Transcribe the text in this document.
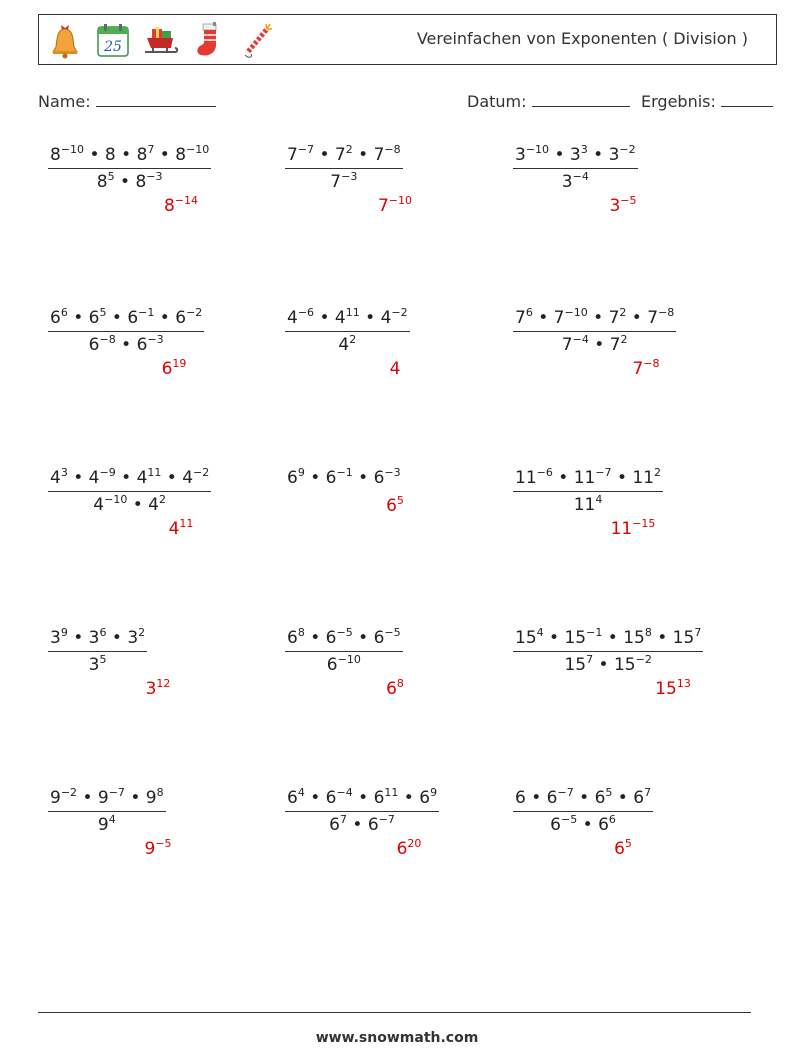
25	Vereinfachen von Exponenten ( Division )
Name:	Datum:	Ergebnis:
$\frac{8^{-10} • 8 • 8^7 • 8^{-10}}{8^5 • 8^{-3}}$
$8^{-14}$
$\frac{7^{-7} • 7^2 • 7^{-8}}{7^{-3}}$
$7^{-10}$
$\frac{3^{-10} • 3^3 • 3^{-2}}{3^{-4}}$
$3^{-5}$
$\frac{6^6 • 6^5 • 6^{-1} • 6^{-2}}{6^{-8} • 6^{-3}}$
$6^{19}$
$\frac{4^{-6} • 4^{11} • 4^{-2}}{4^2}$
4
$\frac{7^6 • 7^{-10} • 7^2 • 7^{-8}}{7^{-4} • 7^2}$
$7^{-8}$
$\frac{4^3 • 4^{-9} • 4^{11} • 4^{-2}}{4^{-10} • 4^2}$
$4^{11}$
$6^9$ • $6^{-1}$ • $6^{-3}$
$6^5$	$\frac{11^{-6} • 11^{-7} • 11^2}{11^4}$
$11^{-15}$
$\frac{3^9 • 3^6 • 3^2}{3^5}$
$3^{12}$
$\frac{6^8 • 6^{-5} • 6^{-5}}{6^{-10}}$
$6^8$
$\frac{15^4 • 15^{-1} • 15^8 • 15^7}{15^7 • 15^{-2}}$
$15^{13}$
$\frac{9^{-2} • 9^{-7} • 9^8}{9^4}$
$9^{-5}$
$\frac{6^4 • 6^{-4} • 6^{11} • 6^9}{6^7 • 6^{-7}}$
$6^{20}$
$\frac{6 • 6^{-7} • 6^5 • 6^7}{6^{-5} • 6^6}$
$6^5$
www.snowmath.com
